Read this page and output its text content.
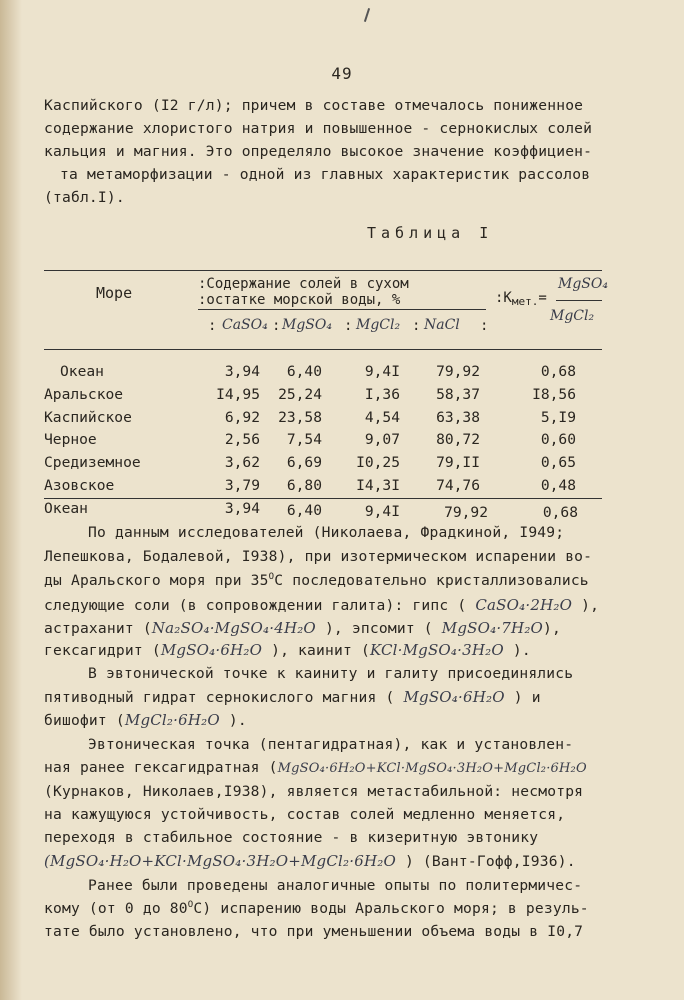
49
Каспийского (I2 г/л); причем в составе отмечалось пониженное
содержание хлористого натрия и повышенное - сернокислых солей
кальция и магния. Это определяло высокое значение коэффициен-
та метаморфизации - одной из главных характеристик рассолов
(табл.I).
Таблица I
Море	:Содержание солей в сухом
:остатке морской воды, %	$:К_{мет.}=$
MgSO₄
MgCl₂
: CaSO₄ : MgSO₄ : MgCl₂ : NaCl :
Океан	3,94	6,40	9,4I	79,92	0,68
Аральское	I4,95	25,24	I,36	58,37	I8,56
Каспийское	6,92	23,58	4,54	63,38	5,I9
Черное	2,56	7,54	9,07	80,72	0,60
Средиземное	3,62	6,69	I0,25	79,II	0,65
Азовское	3,79	6,80	I4,3I	74,76	0,48
Океан	3,94	6,40	9,4I	79,92	0,68
По данным исследователей (Николаева, Фрадкиной, I949;
Лепешкова, Бодалевой, I938), при изотермическом испарении во-
ды Аральского моря при $35^OС$ последовательно кристаллизовались
следующие соли (в сопровождении галита): гипс ( CaSO₄·2H₂O ),
астраханит (Na₂SO₄·MgSO₄·4H₂O ), эпсомит ( MgSO₄·7H₂O),
гексагидрит (MgSO₄·6H₂O ), каинит (KCl·MgSO₄·3H₂O ).
В эвтонической точке к каиниту и галиту присоединялись
пятиводный гидрат сернокислого магния ( MgSO₄·6H₂O ) и
бишофит (MgCl₂·6H₂O ).
Эвтоническая точка (пентагидратная), как и установлен-
ная ранее гексагидратная (MgSO₄·6H₂O+KCl·MgSO₄·3H₂O+MgCl₂·6H₂O
(Курнаков, Николаев,I938), является метастабильной: несмотря
на кажущуюся устойчивость, состав солей медленно меняется,
переходя в стабильное состояние - в кизеритную эвтонику
(MgSO₄·H₂O+KCl·MgSO₄·3H₂O+MgCl₂·6H₂O ) (Вант-Гофф,I936).
Ранее были проведены аналогичные опыты по политермичес-
кому (от 0 до $80^OС$) испарению воды Аральского моря; в резуль-
тате было установлено, что при уменьшении объема воды в I0,7
